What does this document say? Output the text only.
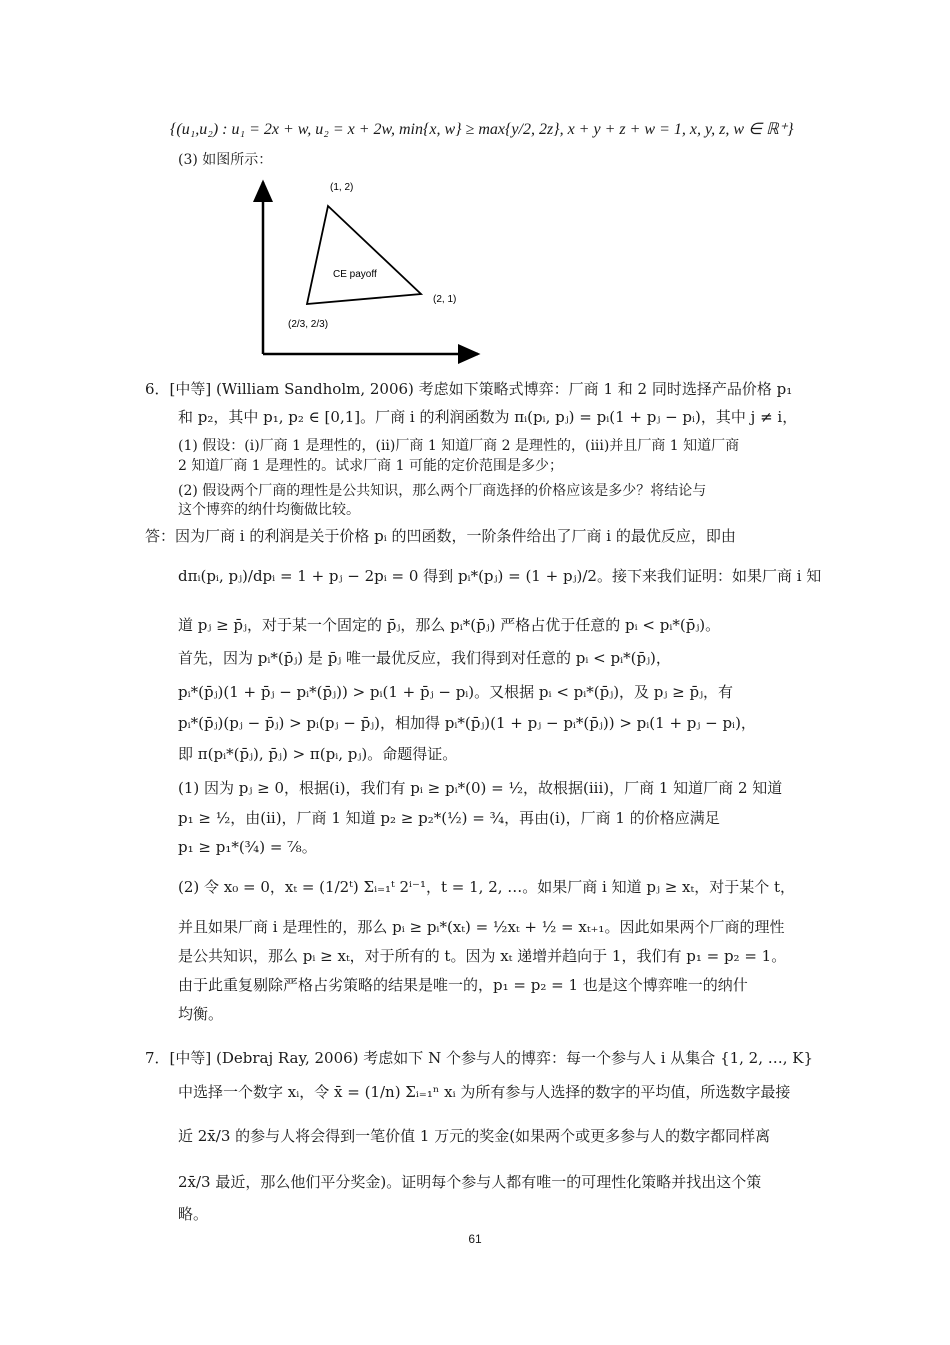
{(u₁,u₂) : u₁ = 2x + w, u₂ = x + 2w, min{x, w} ≥ max{y/2, 2z}, x + y + z + w = 1, x, y, z, w ∈ ℝ⁺}
(3) 如图所示：
(1, 2)
(2, 1)
(2/3, 2/3)
CE payoff
6．[中等] (William Sandholm, 2006) 考虑如下策略式博弈：厂商 1 和 2 同时选择产品价格 p₁
和 p₂，其中 p₁, p₂ ∈ [0,1]。厂商 i 的利润函数为 πᵢ(pᵢ, pⱼ) = pᵢ(1 + pⱼ − pᵢ)，其中 j ≠ i，
(1) 假设：(i)厂商 1 是理性的，(ii)厂商 1 知道厂商 2 是理性的，(iii)并且厂商 1 知道厂商
2 知道厂商 1 是理性的。试求厂商 1 可能的定价范围是多少；
(2) 假设两个厂商的理性是公共知识，那么两个厂商选择的价格应该是多少？将结论与
这个博弈的纳什均衡做比较。
答：因为厂商 i 的利润是关于价格 pᵢ 的凹函数，一阶条件给出了厂商 i 的最优反应，即由
dπᵢ(pᵢ, pⱼ)/dpᵢ = 1 + pⱼ − 2pᵢ = 0 得到 pᵢ*(pⱼ) = (1 + pⱼ)/2。接下来我们证明：如果厂商 i 知
道 pⱼ ≥ p̄ⱼ，对于某一个固定的 p̄ⱼ，那么 pᵢ*(p̄ⱼ) 严格占优于任意的 pᵢ < pᵢ*(p̄ⱼ)。
首先，因为 pᵢ*(p̄ⱼ) 是 p̄ⱼ 唯一最优反应，我们得到对任意的 pᵢ < pᵢ*(p̄ⱼ)，
pᵢ*(p̄ⱼ)(1 + p̄ⱼ − pᵢ*(p̄ⱼ)) > pᵢ(1 + p̄ⱼ − pᵢ)。又根据 pᵢ < pᵢ*(p̄ⱼ)，及 pⱼ ≥ p̄ⱼ，有
pᵢ*(p̄ⱼ)(pⱼ − p̄ⱼ) > pᵢ(pⱼ − p̄ⱼ)，相加得 pᵢ*(p̄ⱼ)(1 + pⱼ − pᵢ*(p̄ⱼ)) > pᵢ(1 + pⱼ − pᵢ)，
即 π(pᵢ*(p̄ⱼ), p̄ⱼ) > π(pᵢ, pⱼ)。命题得证。
(1) 因为 pⱼ ≥ 0，根据(i)，我们有 pᵢ ≥ pᵢ*(0) = ½，故根据(iii)，厂商 1 知道厂商 2 知道
p₁ ≥ ½，由(ii)，厂商 1 知道 p₂ ≥ p₂*(½) = ¾，再由(i)，厂商 1 的价格应满足
p₁ ≥ p₁*(¾) = ⅞。
(2) 令 x₀ = 0，xₜ = (1/2ᵗ) Σᵢ₌₁ᵗ 2ⁱ⁻¹，t = 1, 2, …。如果厂商 i 知道 pⱼ ≥ xₜ，对于某个 t，
并且如果厂商 i 是理性的，那么 pᵢ ≥ pᵢ*(xₜ) = ½xₜ + ½ = xₜ₊₁。因此如果两个厂商的理性
是公共知识，那么 pᵢ ≥ xₜ，对于所有的 t。因为 xₜ 递增并趋向于 1，我们有 p₁ = p₂ = 1。
由于此重复剔除严格占劣策略的结果是唯一的，p₁ = p₂ = 1 也是这个博弈唯一的纳什
均衡。
7．[中等] (Debraj Ray, 2006) 考虑如下 N 个参与人的博弈：每一个参与人 i 从集合 {1, 2, …, K}
中选择一个数字 xᵢ，令 x̄ = (1/n) Σᵢ₌₁ⁿ xᵢ 为所有参与人选择的数字的平均值，所选数字最接
近 2x̄/3 的参与人将会得到一笔价值 1 万元的奖金(如果两个或更多参与人的数字都同样离
2x̄/3 最近，那么他们平分奖金)。证明每个参与人都有唯一的可理性化策略并找出这个策
略。
61
